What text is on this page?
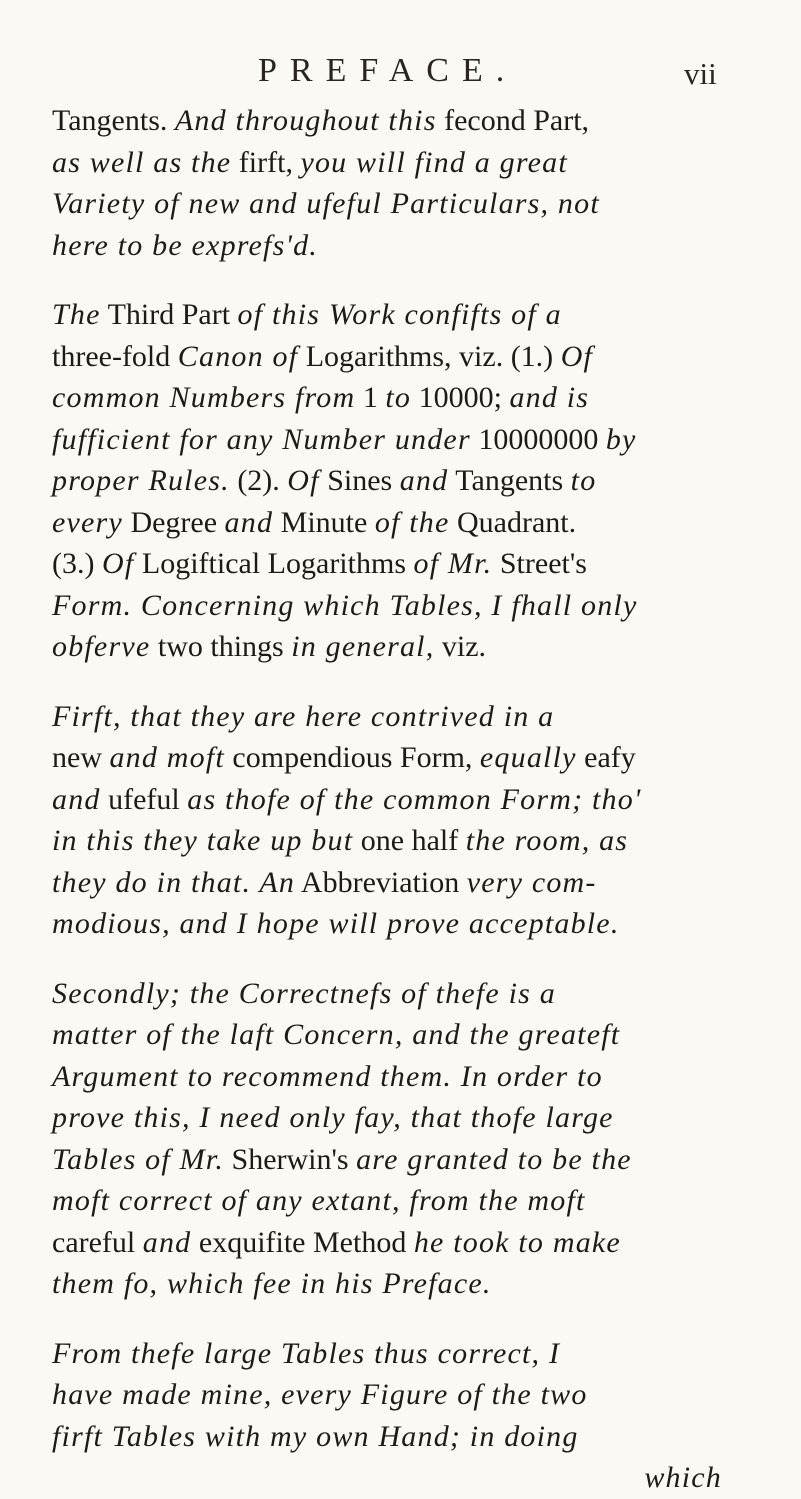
PREFACE.	vii
Tangents. And throughout this fecond Part,
as well as the firft, you will find a great
Variety of new and ufeful Particulars, not
here to be exprefs'd.
The Third Part of this Work confifts of a
three-fold Canon of Logarithms, viz. (1.) Of
common Numbers from 1 to 10000; and is
fufficient for any Number under 10000000 by
proper Rules. (2). Of Sines and Tangents to
every Degree and Minute of the Quadrant.
(3.) Of Logiftical Logarithms of Mr. Street's
Form. Concerning which Tables, I fhall only
obferve two things in general, viz.
Firft, that they are here contrived in a
new and moft compendious Form, equally eafy
and ufeful as thofe of the common Form; tho'
in this they take up but one half the room, as
they do in that. An Abbreviation very com-
modious, and I hope will prove acceptable.
Secondly; the Correctnefs of thefe is a
matter of the laft Concern, and the greateft
Argument to recommend them. In order to
prove this, I need only fay, that thofe large
Tables of Mr. Sherwin's are granted to be the
moft correct of any extant, from the moft
careful and exquifite Method he took to make
them fo, which fee in his Preface.
From thefe large Tables thus correct, I
have made mine, every Figure of the two
firft Tables with my own Hand; in doing
which
